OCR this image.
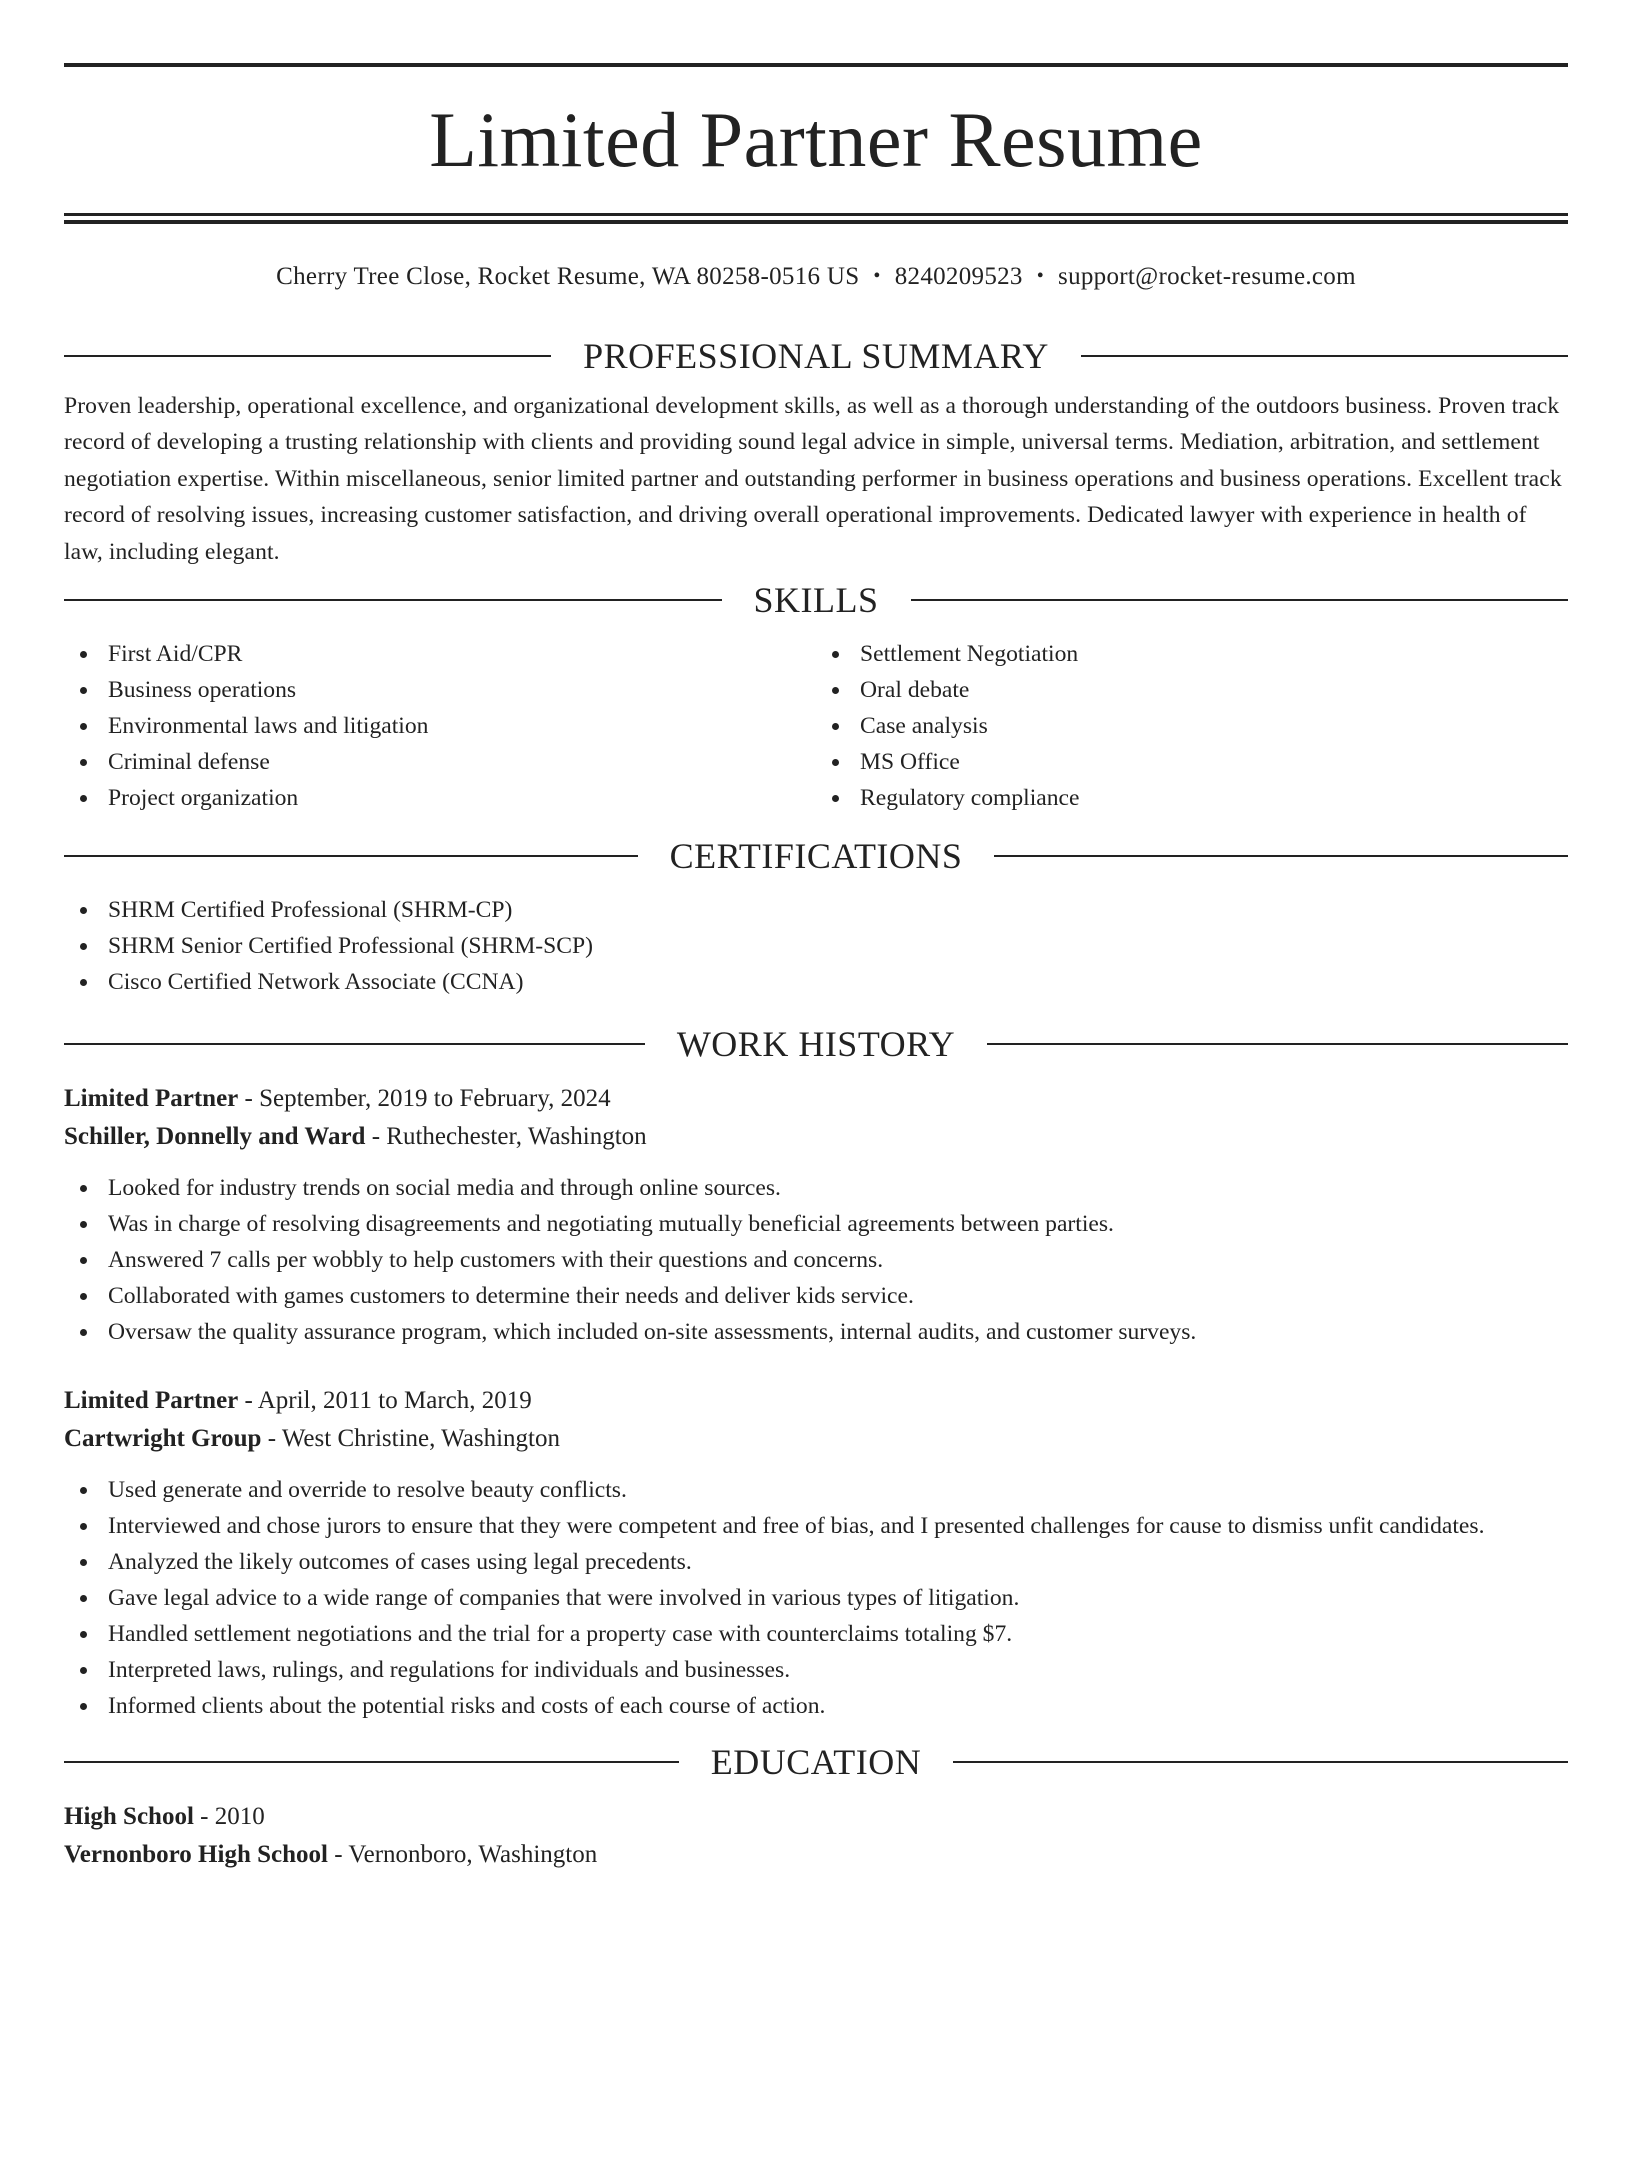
Limited Partner Resume
Cherry Tree Close, Rocket Resume, WA 80258-0516 US • 8240209523 • support@rocket-resume.com
PROFESSIONAL SUMMARY

Proven leadership, operational excellence, and organizational development skills, as well as a thorough understanding of the outdoors business. Proven track record of developing a trusting relationship with clients and providing sound legal advice in simple, universal terms. Mediation, arbitration, and settlement negotiation expertise. Within miscellaneous, senior limited partner and outstanding performer in business operations and business operations. Excellent track record of resolving issues, increasing customer satisfaction, and driving overall operational improvements. Dedicated lawyer with experience in health of law, including elegant.

SKILLS
First Aid/CPR
Business operations
Environmental laws and litigation
Criminal defense
Project organization
Settlement Negotiation
Oral debate
Case analysis
MS Office
Regulatory compliance
CERTIFICATIONS
SHRM Certified Professional (SHRM-CP)
SHRM Senior Certified Professional (SHRM-SCP)
Cisco Certified Network Associate (CCNA)
WORK HISTORY
Limited Partner - September, 2019 to February, 2024
Schiller, Donnelly and Ward - Ruthechester, Washington
Looked for industry trends on social media and through online sources.
Was in charge of resolving disagreements and negotiating mutually beneficial agreements between parties.
Answered 7 calls per wobbly to help customers with their questions and concerns.
Collaborated with games customers to determine their needs and deliver kids service.
Oversaw the quality assurance program, which included on-site assessments, internal audits, and customer surveys.
Limited Partner - April, 2011 to March, 2019
Cartwright Group - West Christine, Washington
Used generate and override to resolve beauty conflicts.
Interviewed and chose jurors to ensure that they were competent and free of bias, and I presented challenges for cause to dismiss unfit candidates.
Analyzed the likely outcomes of cases using legal precedents.
Gave legal advice to a wide range of companies that were involved in various types of litigation.
Handled settlement negotiations and the trial for a property case with counterclaims totaling $7.
Interpreted laws, rulings, and regulations for individuals and businesses.
Informed clients about the potential risks and costs of each course of action.
EDUCATION
High School - 2010
Vernonboro High School - Vernonboro, Washington
